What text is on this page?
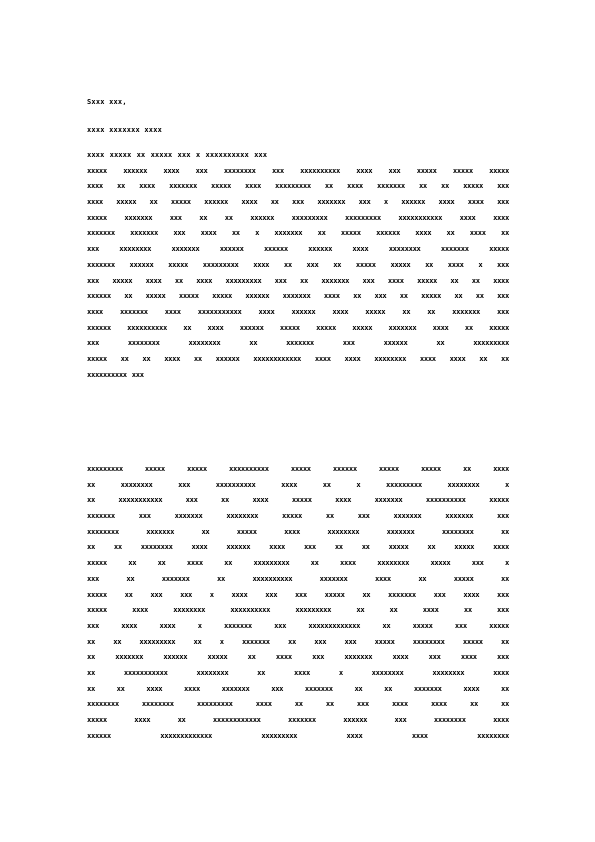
Sxxx xxx,
xxxx xxxxxxx xxxx
xxxx xxxxx xx xxxxx xxx x xxxxxxxxxx xxx
xxxxx xxxxxx xxxx xxx xxxxxxxx xxx xxxxxxxxxx xxxx xxx xxxxx xxxxx xxxxx
xxxx xx xxxx xxxxxxx xxxxx xxxx xxxxxxxxx xx xxxx xxxxxxx xx xx xxxxx xxx
xxxx xxxxx xx xxxxx xxxxxx xxxx xx xxx xxxxxxx xxx x xxxxxx xxxx xxxx xxx
xxxxx xxxxxxx xxx xx xx xxxxxx xxxxxxxxx xxxxxxxxx xxxxxxxxxxx xxxx xxxx
xxxxxxx xxxxxxx xxx xxxx xx x xxxxxxx xx xxxxx xxxxxx xxxx xx xxxx xx
xxx xxxxxxxx xxxxxxx xxxxxx xxxxxx xxxxxx xxxx xxxxxxxx xxxxxxx xxxxx
xxxxxxx xxxxxx xxxxx xxxxxxxxx xxxx xx xxx xx xxxxx xxxxx xx xxxx x xxx
xxx xxxxx xxxx xx xxxx xxxxxxxxx xxx xx xxxxxxx xxx xxxx xxxxx xx xx xxxx
xxxxxx xx xxxxx xxxxx xxxxx xxxxxx xxxxxxx xxxx xx xxx xx xxxxx xx xx xxx
xxxx xxxxxxx xxxx xxxxxxxxxxx xxxx xxxxxx xxxx xxxxx xx xx xxxxxxx xxx
xxxxxx xxxxxxxxxx xx xxxx xxxxxx xxxxx xxxxx xxxxx xxxxxxx xxxx xx xxxxx
xxx xxxxxxxx xxxxxxxx xx xxxxxxx xxx xxxxxx xx xxxxxxxxx
xxxxx xx xx xxxx xx xxxxxx xxxxxxxxxxxx xxxx xxxx xxxxxxxx xxxx xxxx xx xx
xxxxxxxxxx xxx
xxxxxxxxx xxxxx xxxxx xxxxxxxxxx xxxxx xxxxxx xxxxx xxxxx xx xxxx
xx xxxxxxxx xxx xxxxxxxxxx xxxx xx x xxxxxxxxx xxxxxxxx x
xx xxxxxxxxxxx xxx xx xxxx xxxxx xxxx xxxxxxx xxxxxxxxxx xxxxx
xxxxxxx xxx xxxxxxx xxxxxxxx xxxxx xx xxx xxxxxxx xxxxxxx xxx
xxxxxxxx xxxxxxx xx xxxxx xxxx xxxxxxxx xxxxxxx xxxxxxxx xx
xx xx xxxxxxxx xxxx xxxxxx xxxx xxx xx xx xxxxx xx xxxxx xxxx
xxxxx xx xx xxxx xx xxxxxxxxx xx xxxx xxxxxxxx xxxxx xxx x
xxx xx xxxxxxx xx xxxxxxxxxx xxxxxxx xxxx xx xxxxx xx
xxxxx xx xxx xxx x xxxx xxx xxx xxxxx xx xxxxxxx xxx xxxx xxx
xxxxx xxxx xxxxxxxx xxxxxxxxxx xxxxxxxxx xx xx xxxx xx xxx
xxx xxxx xxxx x xxxxxxx xxx xxxxxxxxxxxxx xx xxxxx xxx xxxxx
xx xx xxxxxxxxx xx x xxxxxxx xx xxx xxx xxxxx xxxxxxxx xxxxx xx
xx xxxxxxx xxxxxx xxxxx xx xxxx xxx xxxxxxx xxxx xxx xxxx xxx
xx xxxxxxxxxxx xxxxxxxx xx xxxx x xxxxxxxx xxxxxxxx xxxx
xx xx xxxx xxxx xxxxxxx xxx xxxxxxx xx xx xxxxxxx xxxx xx
xxxxxxxx xxxxxxxx xxxxxxxxx xxxx xx xx xxx xxxx xxxx xx xx
xxxxx xxxx xx xxxxxxxxxxxx xxxxxxx xxxxxx xxx xxxxxxxx xxxx
xxxxxx xxxxxxxxxxxxx xxxxxxxxx xxxx xxxx xxxxxxxx
